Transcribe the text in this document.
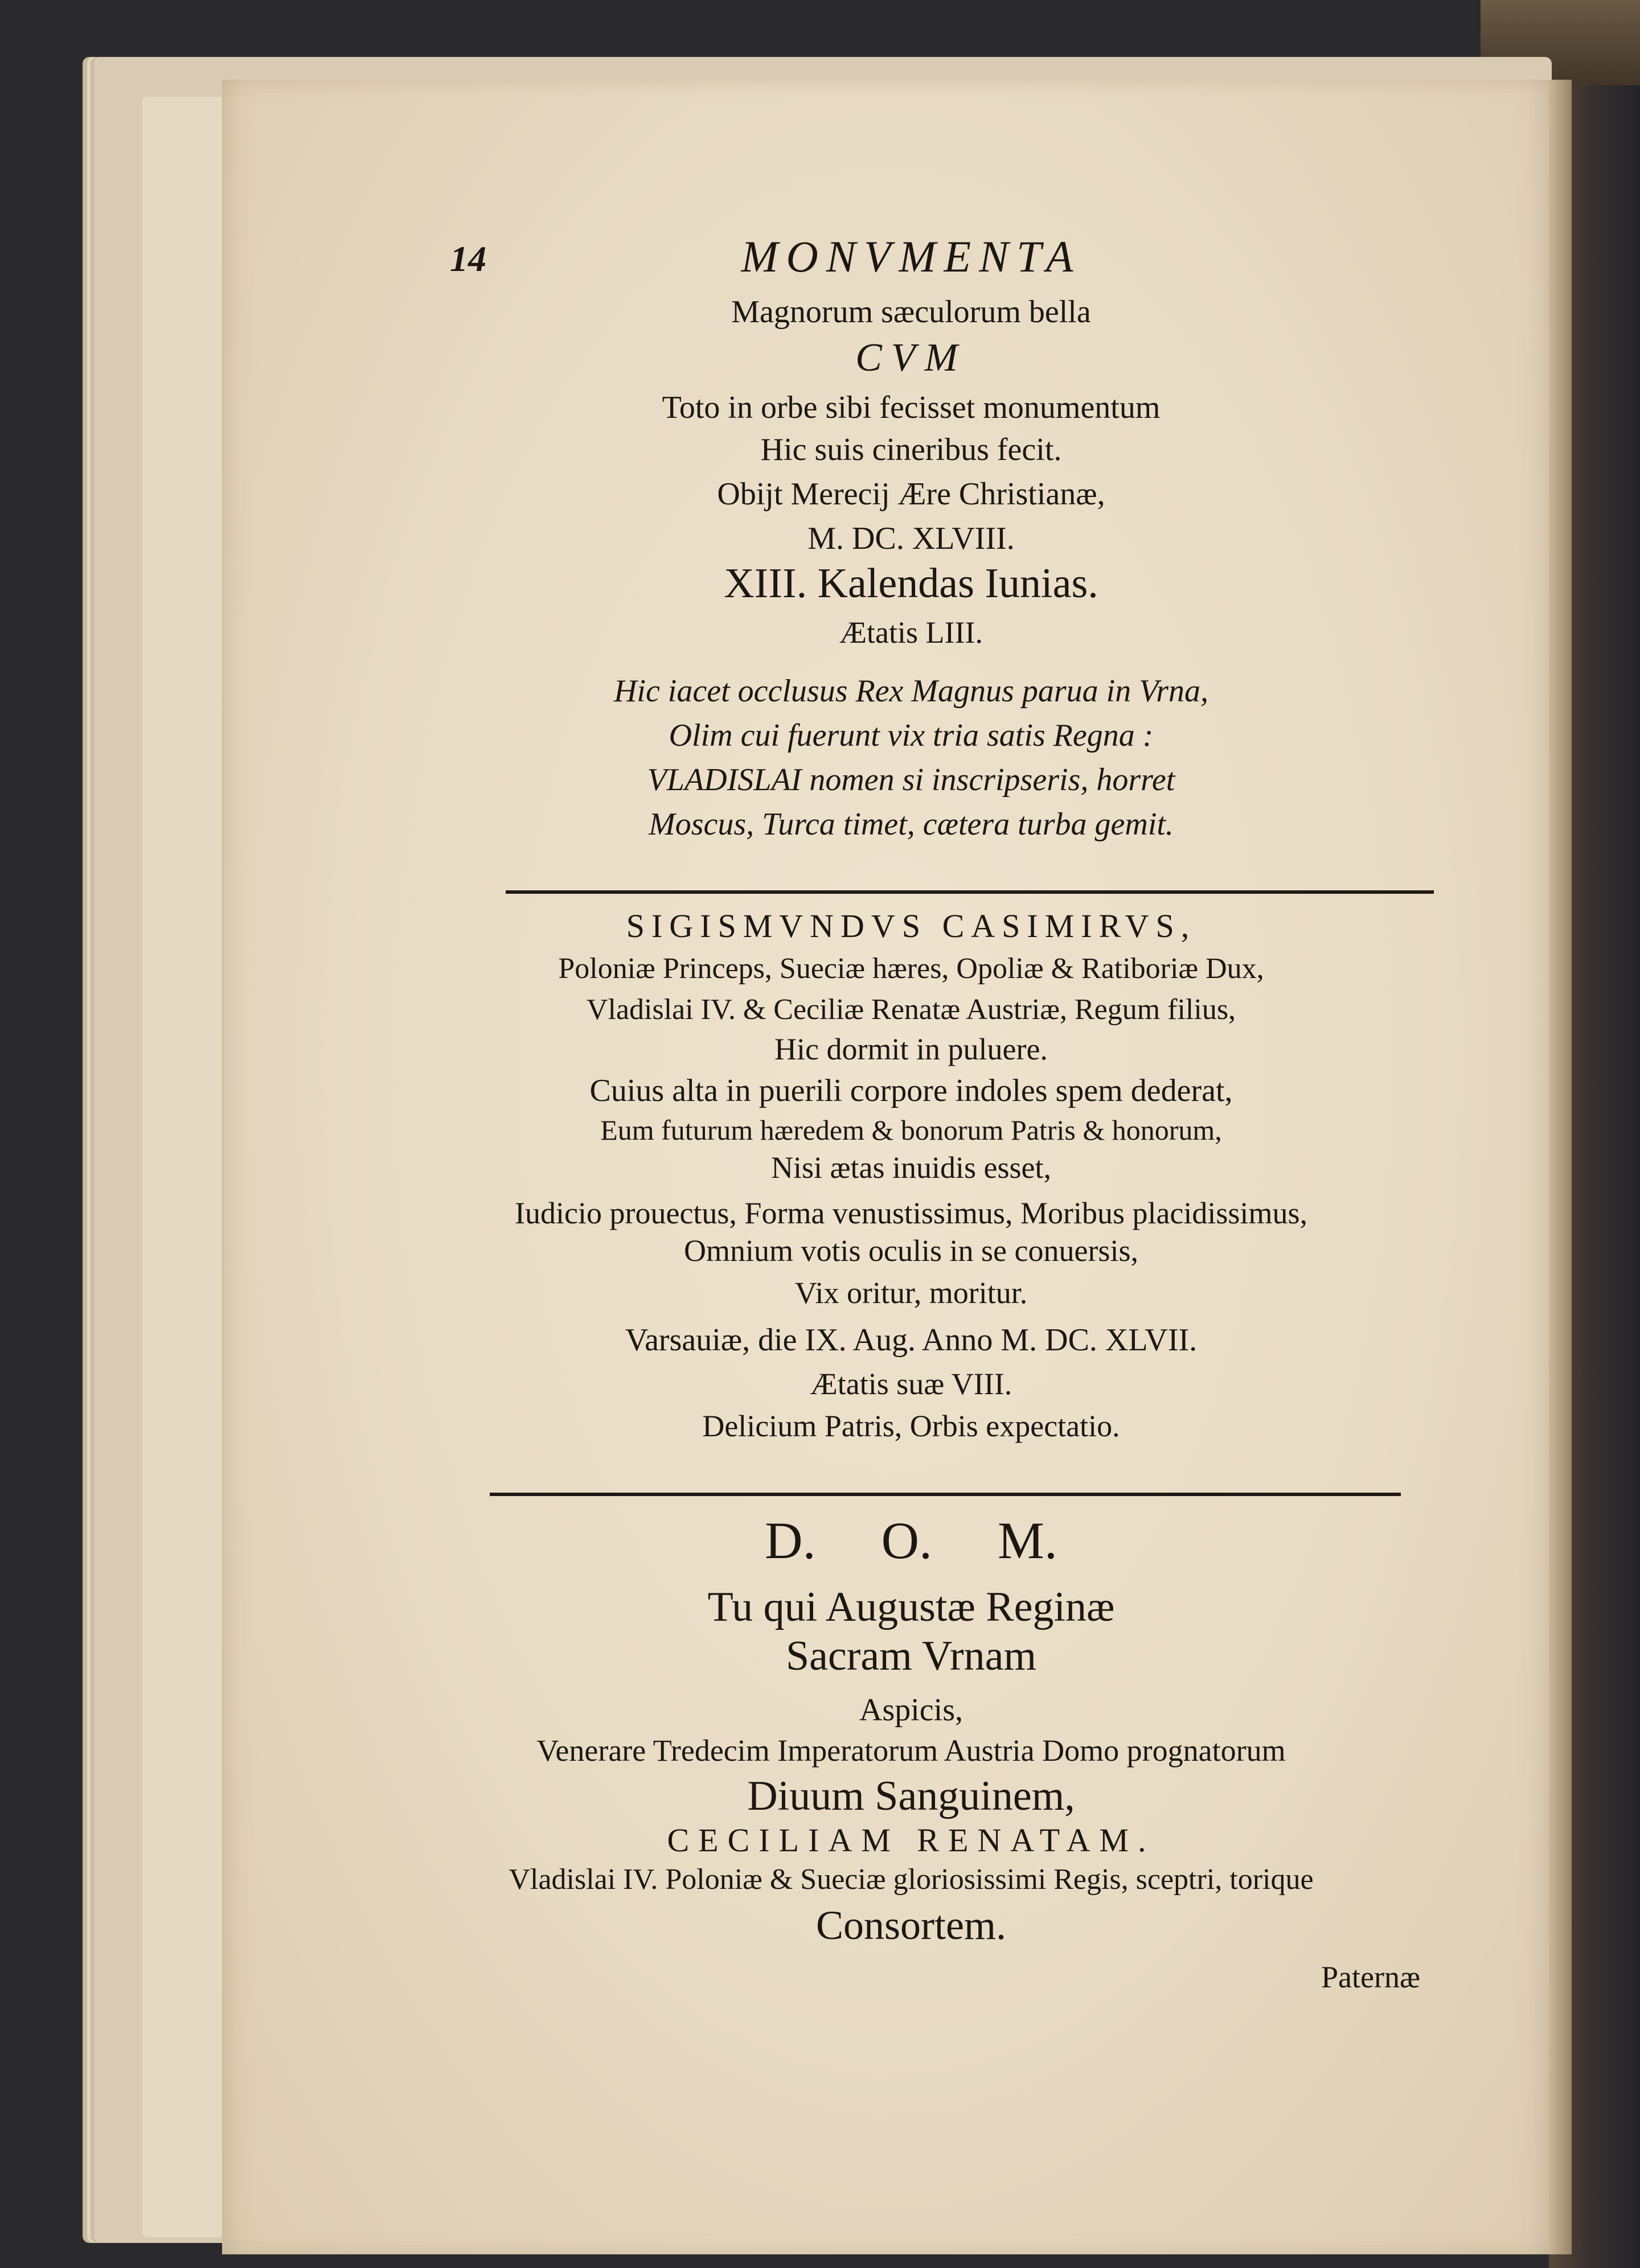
14	MONVMENTA
Magnorum sæculorum bella
CVM
Toto in orbe sibi fecisset monumentum
Hic suis cineribus fecit.
Obijt Merecij Ære Christianæ,
M. DC. XLVIII.
XIII. Kalendas Iunias.
Ætatis LIII.
Hic iacet occlusus Rex Magnus parua in Vrna,
Olim cui fuerunt vix tria satis Regna :
VLADISLAI nomen si inscripseris, horret
Moscus, Turca timet, cætera turba gemit.
SIGISMVNDVS CASIMIRVS,
Poloniæ Princeps, Sueciæ hæres, Opoliæ & Ratiboriæ Dux,
Vladislai IV. & Ceciliæ Renatæ Austriæ, Regum filius,
Hic dormit in puluere.
Cuius alta in puerili corpore indoles spem dederat,
Eum futurum hæredem & bonorum Patris & honorum,
Nisi ætas inuidis esset,
Iudicio prouectus, Forma venustissimus, Moribus placidissimus,
Omnium votis oculis in se conuersis,
Vix oritur, moritur.
Varsauiæ, die IX. Aug. Anno M. DC. XLVII.
Ætatis suæ VIII.
Delicium Patris, Orbis expectatio.
D.     O.     M.
Tu qui Augustæ Reginæ
Sacram Vrnam
Aspicis,
Venerare Tredecim Imperatorum Austria Domo prognatorum
Diuum Sanguinem,
CECILIAM RENATAM.
Vladislai IV. Poloniæ & Sueciæ gloriosissimi Regis, sceptri, torique
Consortem.
Paternæ
